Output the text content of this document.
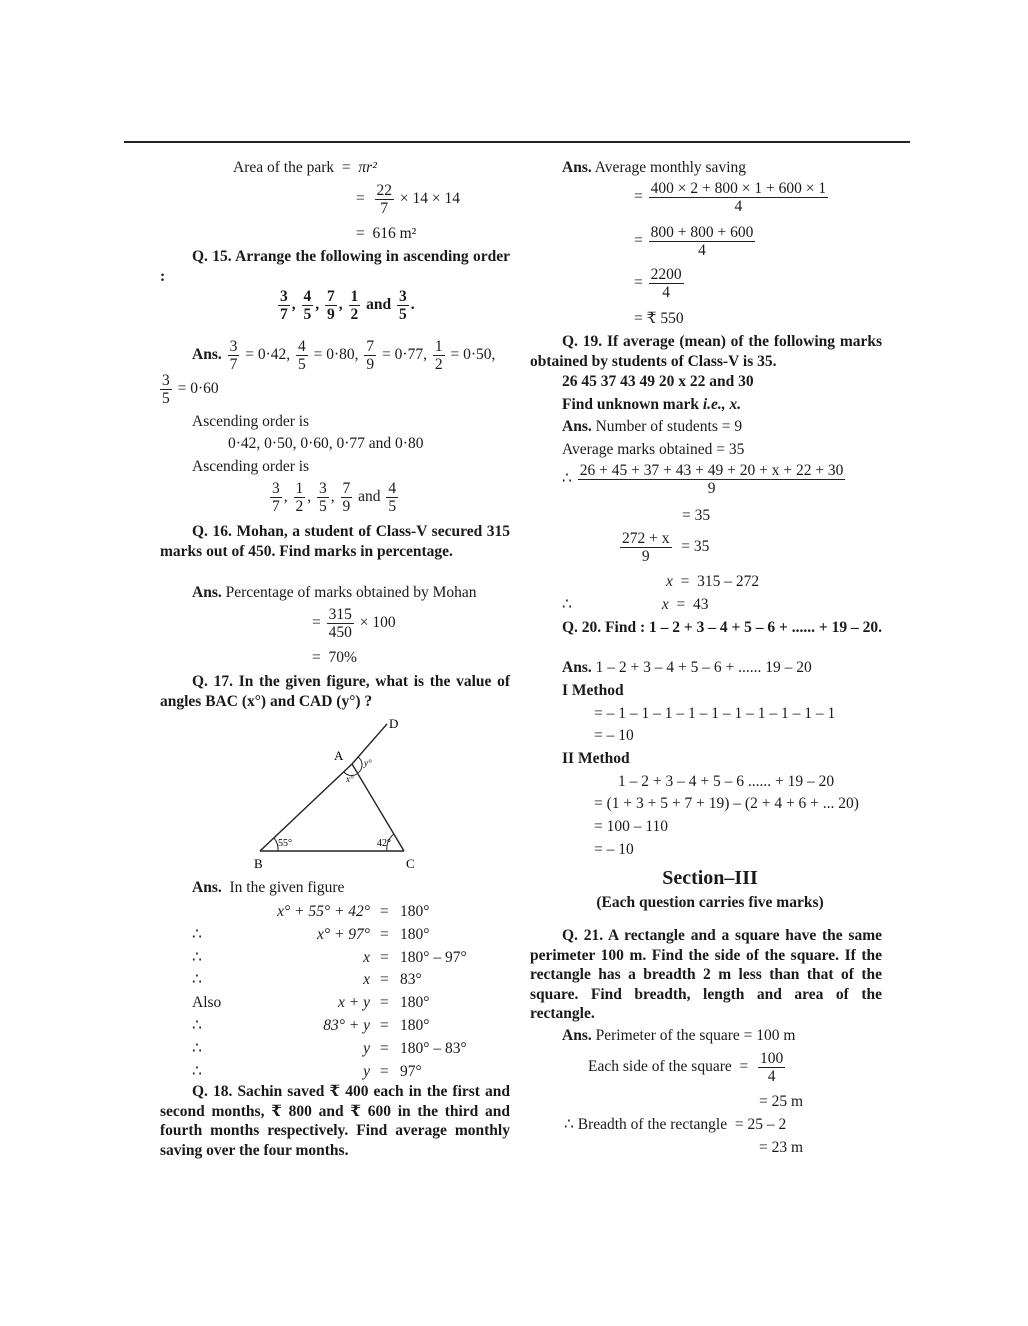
Area of the park = πr²
= $\frac{22}{7} \times 14 \times 14$
= 616 m²
Q. 15. Arrange the following in ascending order :
$\frac{3}{7}$ , $\frac{4}{5}$ , $\frac{7}{9}$ , $\frac{1}{2}$ and $\frac{3}{5}$ .
Ans. $\frac{3}{7} = 0\cdot 42$, $\frac{4}{5} = 0\cdot 80$, $\frac{7}{9} = 0\cdot 77$, $\frac{1}{2} = 0\cdot 50$,
$\frac{3}{5} = 0\cdot 60$
Ascending order is
0·42, 0·50, 0·60, 0·77 and 0·80
Ascending order is
$\frac{3}{7}$ , $\frac{1}{2}$ , $\frac{3}{5}$ , $\frac{7}{9}$ and $\frac{4}{5}$
Q. 16. Mohan, a student of Class-V secured 315 marks out of 450. Find marks in percentage.
Ans. Percentage of marks obtained by Mohan
= $\frac{315}{450} \times 100$
=  70%
Q. 17. In the given figure, what is the value of angles BAC (x°) and CAD (y°) ?
D
A y°
x°
55°	42°
B	C
Ans. In the given figure
x° + 55° + 42° = 180°
∴	x° + 97° = 180°
∴	x = 180° – 97°
∴	x = 83°
Also	x + y = 180°
∴	83° + y = 180°
∴	y = 180° – 83°
∴	y = 97°
Q. 18. Sachin saved ₹ 400 each in the first and second months, ₹ 800 and ₹ 600 in the third and fourth months respectively. Find average monthly saving over the four months.
Ans. Average monthly saving
= $\frac{400 \times 2 + 800 \times 1 + 600 \times 1}{4}$
= $\frac{800 + 800 + 600}{4}$
= $\frac{2200}{4}$
= ₹ 550
Q. 19. If average (mean) of the following marks obtained by students of Class-V is 35.
26 45 37 43 49 20 x 22 and 30
Find unknown mark i.e., x.
Ans. Number of students = 9
Average marks obtained = 35
∴ $\frac{26 + 45 + 37 + 43 + 49 + 20 + x + 22 + 30}{9}$
= 35
$\frac{272 + x}{9} = 35$
x  =  315 – 272
∴	x  =  43
Q. 20. Find : 1 – 2 + 3 – 4 + 5 – 6 + ...... + 19 – 20.
Ans. 1 – 2 + 3 – 4 + 5 – 6 + ...... 19 – 20
I Method
= – 1 – 1 – 1 – 1 – 1 – 1 – 1 – 1 – 1 – 1
= – 10
II Method
1 – 2 + 3 – 4 + 5 – 6 ...... + 19 – 20
= (1 + 3 + 5 + 7 + 19) – (2 + 4 + 6 + ... 20)
= 100 – 110
= – 10
Section–III
(Each question carries five marks)
Q. 21. A rectangle and a square have the same perimeter 100 m. Find the side of the square. If the rectangle has a breadth 2 m less than that of the square. Find breadth, length and area of the rectangle.
Ans. Perimeter of the square = 100 m
Each side of the square  = $\frac{100}{4}$
= 25 m
∴ Breadth of the rectangle  = 25 – 2
= 23 m
